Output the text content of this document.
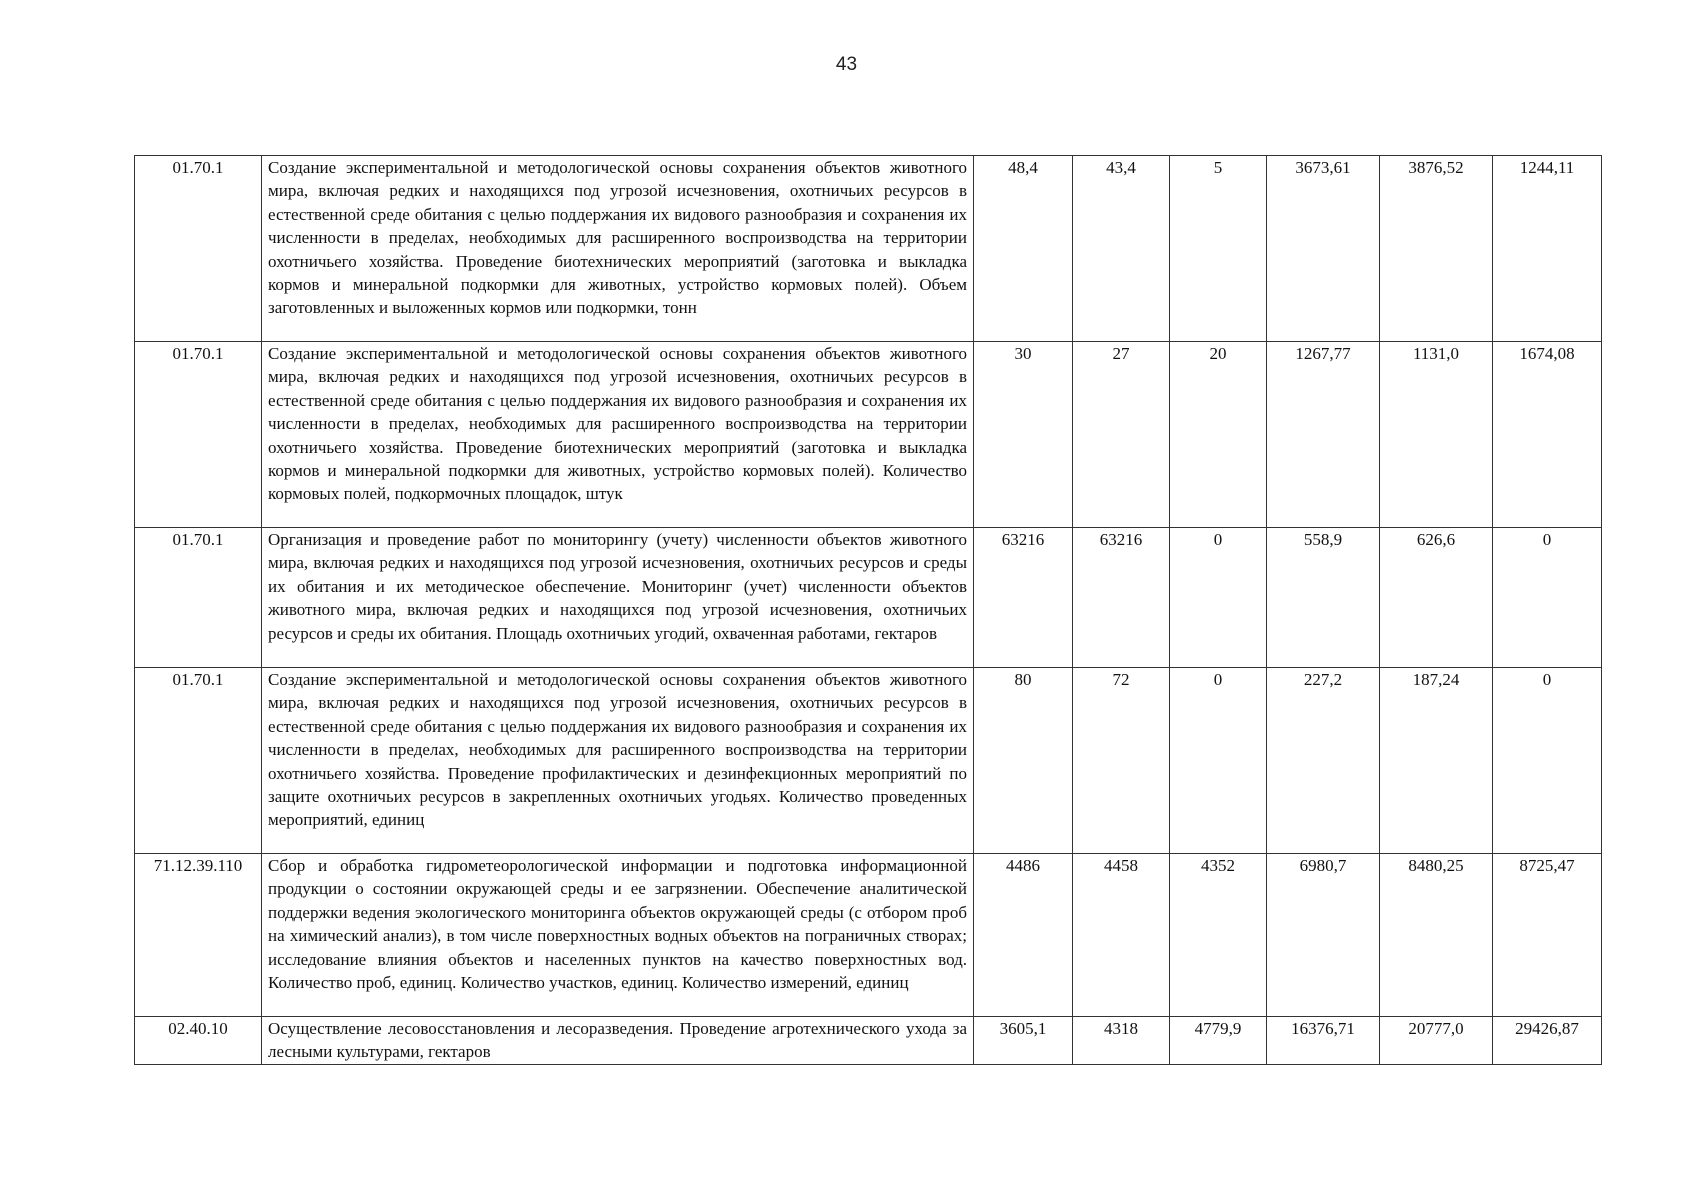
43
01.70.1	Создание экспериментальной и методологической основы сохранения объектов животного мира, включая редких и находящихся под угрозой исчезновения, охотничьих ресурсов в естественной среде обитания с целью поддержания их видового разнообразия и сохранения их численности в пределах, необходимых для расширенного воспроизводства на территории охотничьего хозяйства. Проведение биотехнических мероприятий (заготовка и выкладка кормов и минеральной подкормки для животных, устройство кормовых полей). Объем заготовленных и выложенных кормов или подкормки, тонн	48,4	43,4	5	3673,61	3876,52	1244,11
01.70.1	Создание экспериментальной и методологической основы сохранения объектов животного мира, включая редких и находящихся под угрозой исчезновения, охотничьих ресурсов в естественной среде обитания с целью поддержания их видового разнообразия и сохранения их численности в пределах, необходимых для расширенного воспроизводства на территории охотничьего хозяйства. Проведение биотехнических мероприятий (заготовка и выкладка кормов и минеральной подкормки для животных, устройство кормовых полей). Количество кормовых полей, подкормочных площадок, штук	30	27	20	1267,77	1131,0	1674,08
01.70.1	Организация и проведение работ по мониторингу (учету) численности объектов животного мира, включая редких и находящихся под угрозой исчезновения, охотничьих ресурсов и среды их обитания и их методическое обеспечение. Мониторинг (учет) численности объектов животного мира, включая редких и находящихся под угрозой исчезновения, охотничьих ресурсов и среды их обитания. Площадь охотничьих угодий, охваченная работами, гектаров	63216	63216	0	558,9	626,6	0
01.70.1	Создание экспериментальной и методологической основы сохранения объектов животного мира, включая редких и находящихся под угрозой исчезновения, охотничьих ресурсов в естественной среде обитания с целью поддержания их видового разнообразия и сохранения их численности в пределах, необходимых для расширенного воспроизводства на территории охотничьего хозяйства. Проведение профилактических и дезинфекционных мероприятий по защите охотничьих ресурсов в закрепленных охотничьих угодьях. Количество проведенных мероприятий, единиц	80	72	0	227,2	187,24	0
71.12.39.110	Сбор и обработка гидрометеорологической информации и подготовка информационной продукции о состоянии окружающей среды и ее загрязнении. Обеспечение аналитической поддержки ведения экологического мониторинга объектов окружающей среды (с отбором проб на химический анализ), в том числе поверхностных водных объектов на пограничных створах; исследование влияния объектов и населенных пунктов на качество поверхностных вод. Количество проб, единиц. Количество участков, единиц. Количество измерений, единиц	4486	4458	4352	6980,7	8480,25	8725,47
02.40.10	Осуществление лесовосстановления и лесоразведения. Проведение агротехнического ухода за лесными культурами, гектаров	3605,1	4318	4779,9	16376,71	20777,0	29426,87
